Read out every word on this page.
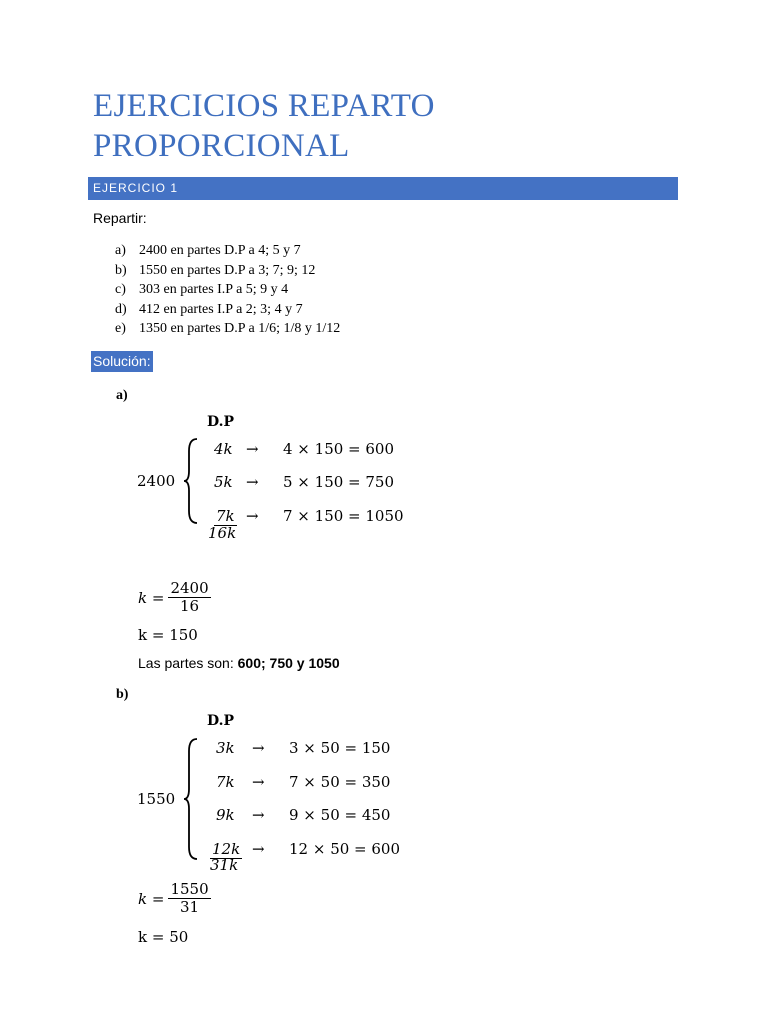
EJERCICIOS REPARTO
PROPORCIONAL
EJERCICIO 1
Repartir:
a) 2400 en partes D.P a 4; 5 y 7
b) 1550 en partes D.P a 3; 7; 9; 12
c) 303 en partes I.P a 5; 9 y 4
d) 412 en partes I.P a 2; 3; 4 y 7
e) 1350 en partes D.P a 1/6; 1/8 y 1/12
Solución:
a)
D.P
2400
4k → 4 × 150 = 600
5k → 5 × 150 = 750
7k → 7 × 150 = 1050
16k
$k = \frac{2400}{16}$
k = 150
Las partes son: 600; 750 y 1050
b)
D.P
1550
3k → 3 × 50 = 150
7k → 7 × 50 = 350
9k → 9 × 50 = 450
12k → 12 × 50 = 600
31k
$k = \frac{1550}{31}$
k = 50
